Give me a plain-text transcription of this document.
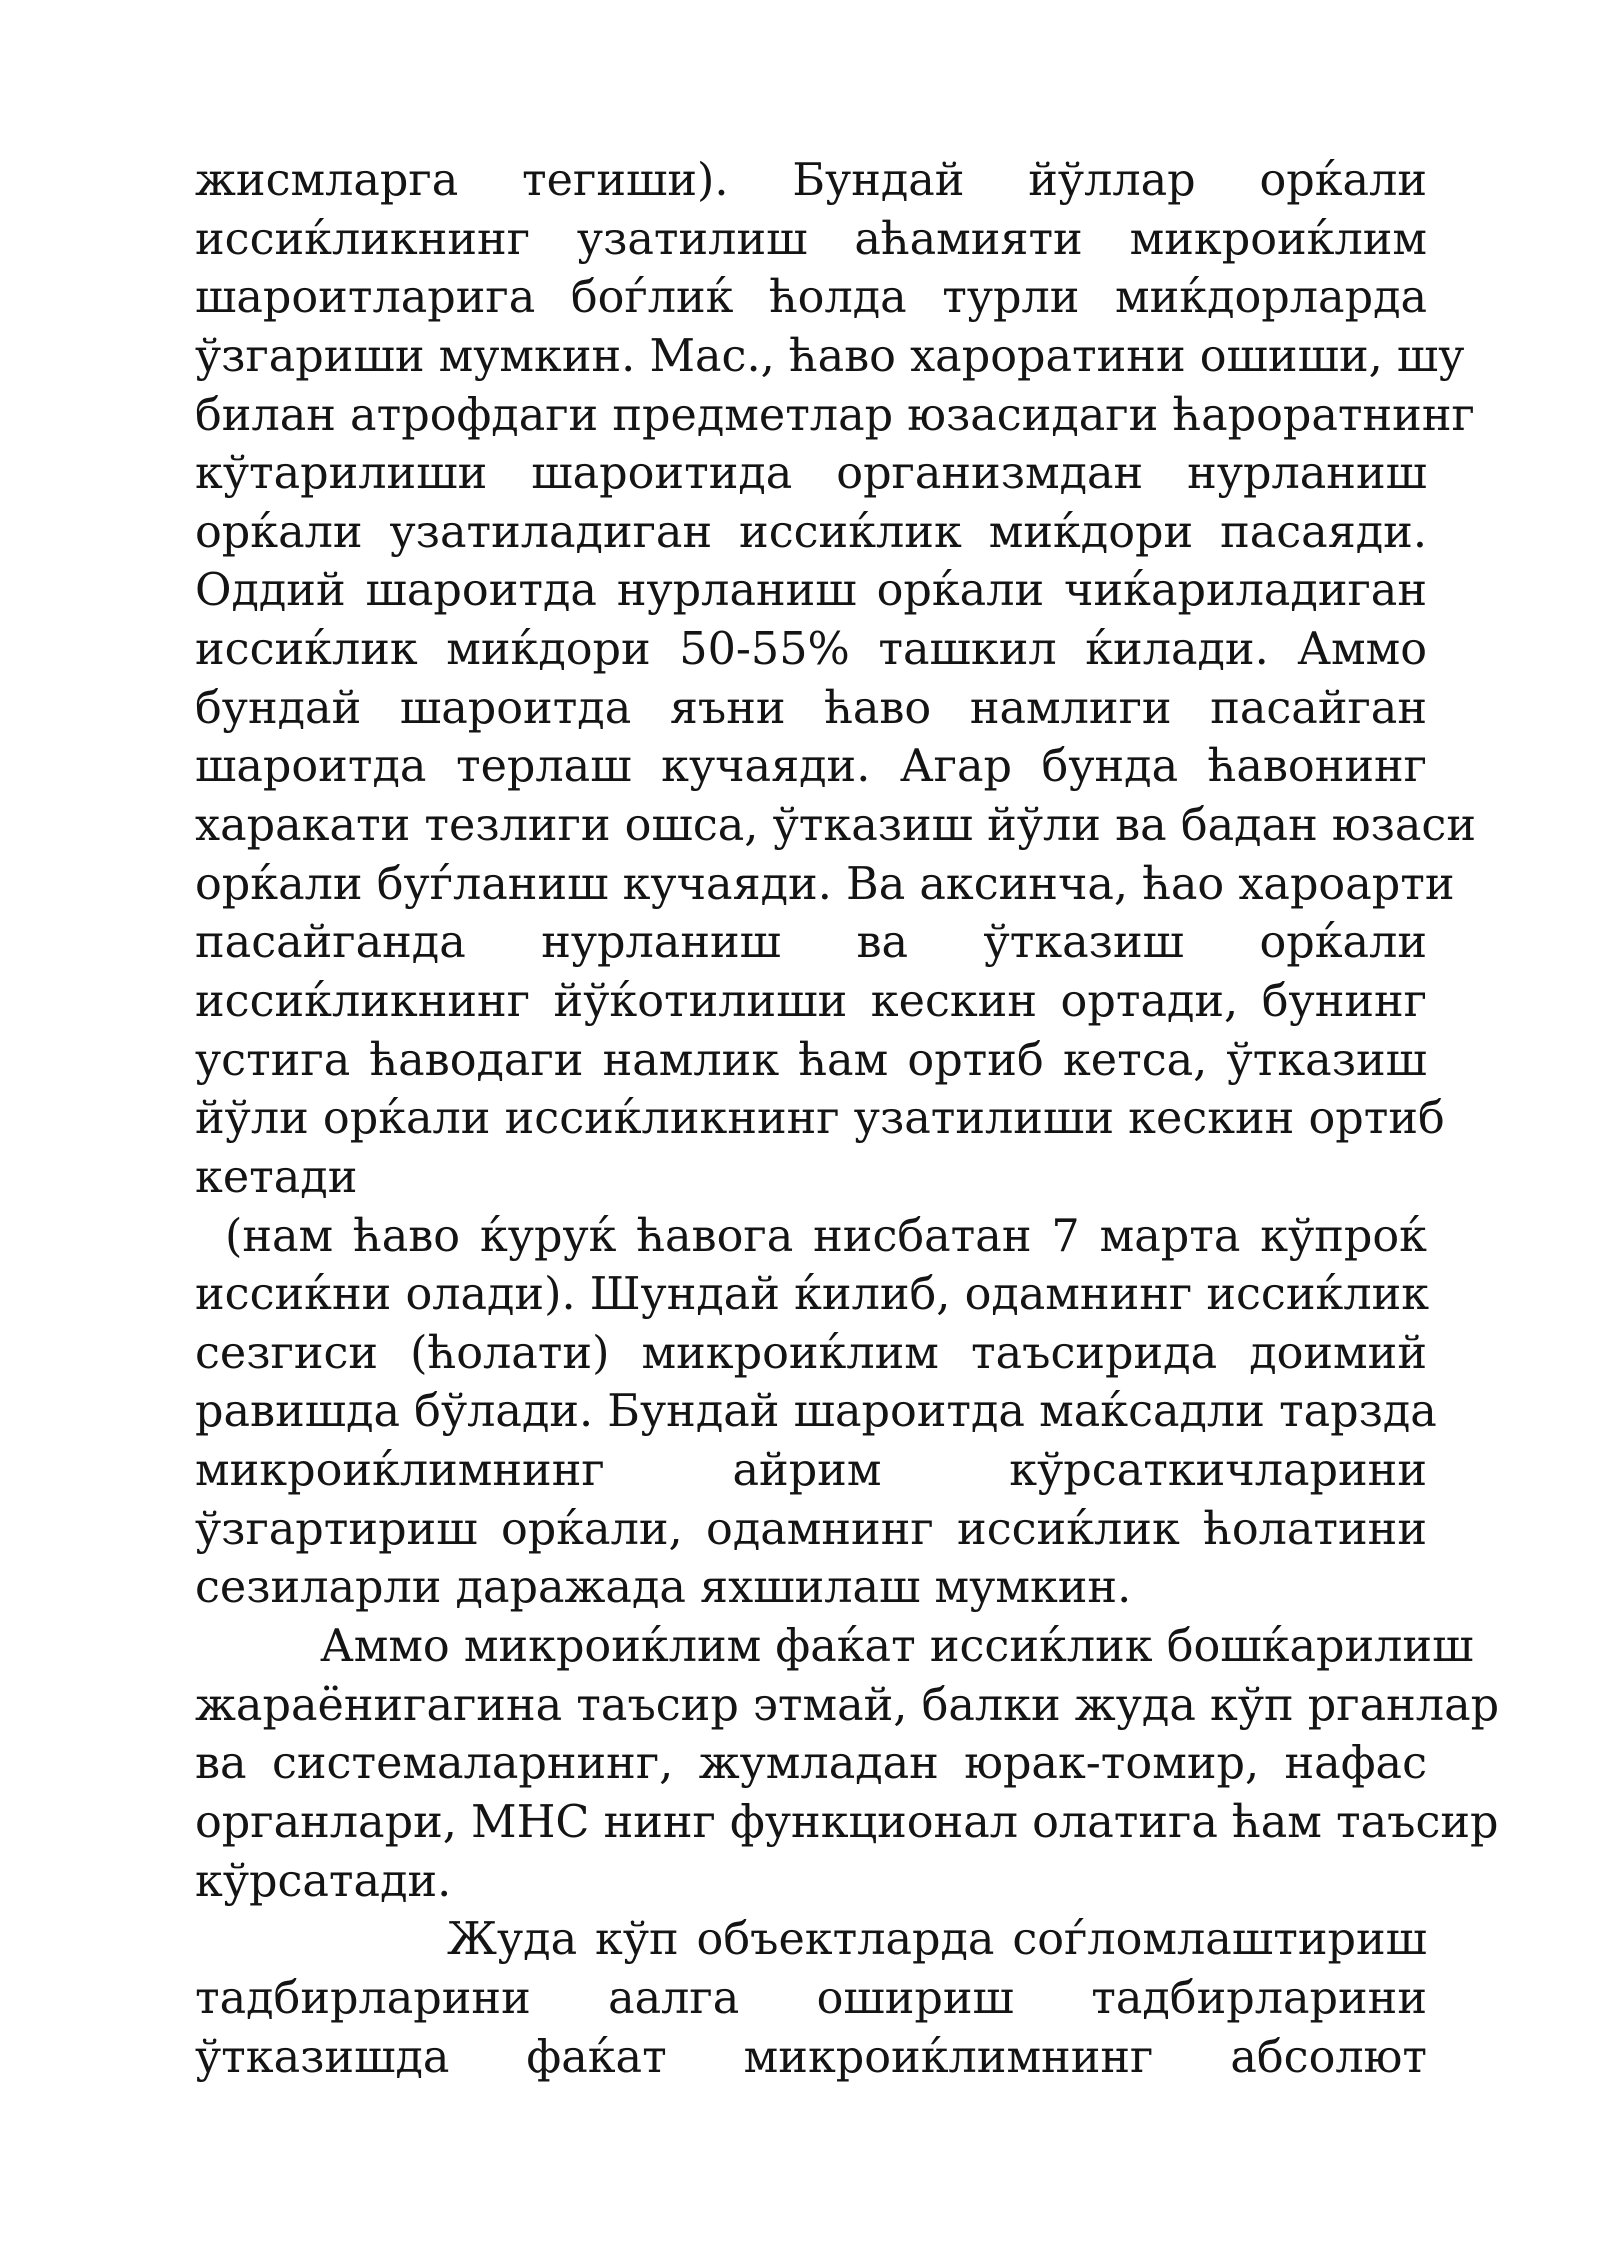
жисмларга тегиши). Бундай йўллар орќали
иссиќликнинг узатилиш аћамияти микроиќлим
шароитларига боѓлиќ ћолда турли миќдорларда
ўзгариши мумкин. Мас., ћаво хароратини ошиши, шу
билан атрофдаги предметлар юзасидаги ћароратнинг
кўтарилиши шароитида организмдан нурланиш
орќали узатиладиган иссиќлик миќдори пасаяди.
Оддий шароитда нурланиш орќали чиќариладиган
иссиќлик миќдори 50-55% ташкил ќилади. Аммо
бундай шароитда яъни ћаво намлиги пасайган
шароитда терлаш кучаяди. Агар бунда ћавонинг
харакати тезлиги ошса, ўтказиш йўли ва бадан юзаси
орќали буѓланиш кучаяди. Ва аксинча, ћао хароарти
пасайганда нурланиш ва ўтказиш орќали
иссиќликнинг йўќотилиши кескин ортади, бунинг
устига ћаводаги намлик ћам ортиб кетса, ўтказиш
йўли орќали иссиќликнинг узатилиши кескин ортиб
кетади
(нам ћаво ќуруќ ћавога нисбатан 7 марта кўпроќ
иссиќни олади). Шундай ќилиб, одамнинг иссиќлик
сезгиси (ћолати) микроиќлим таъсирида доимий
равишда бўлади. Бундай шароитда маќсадли тарзда
микроиќлимнинг айрим кўрсаткичларини
ўзгартириш орќали, одамнинг иссиќлик ћолатини
сезиларли даражада яхшилаш мумкин.
Аммо микроиќлим фаќат иссиќлик бошќарилиш
жараёнигагина таъсир этмай, балки жуда кўп рганлар
ва системаларнинг, жумладан юрак-томир, нафас
органлари, МНС нинг функционал олатига ћам таъсир
кўрсатади.
Жуда кўп объектларда соѓломлаштириш
тадбирларини аалга ошириш тадбирларини
ўтказишда фаќат микроиќлимнинг абсолют
